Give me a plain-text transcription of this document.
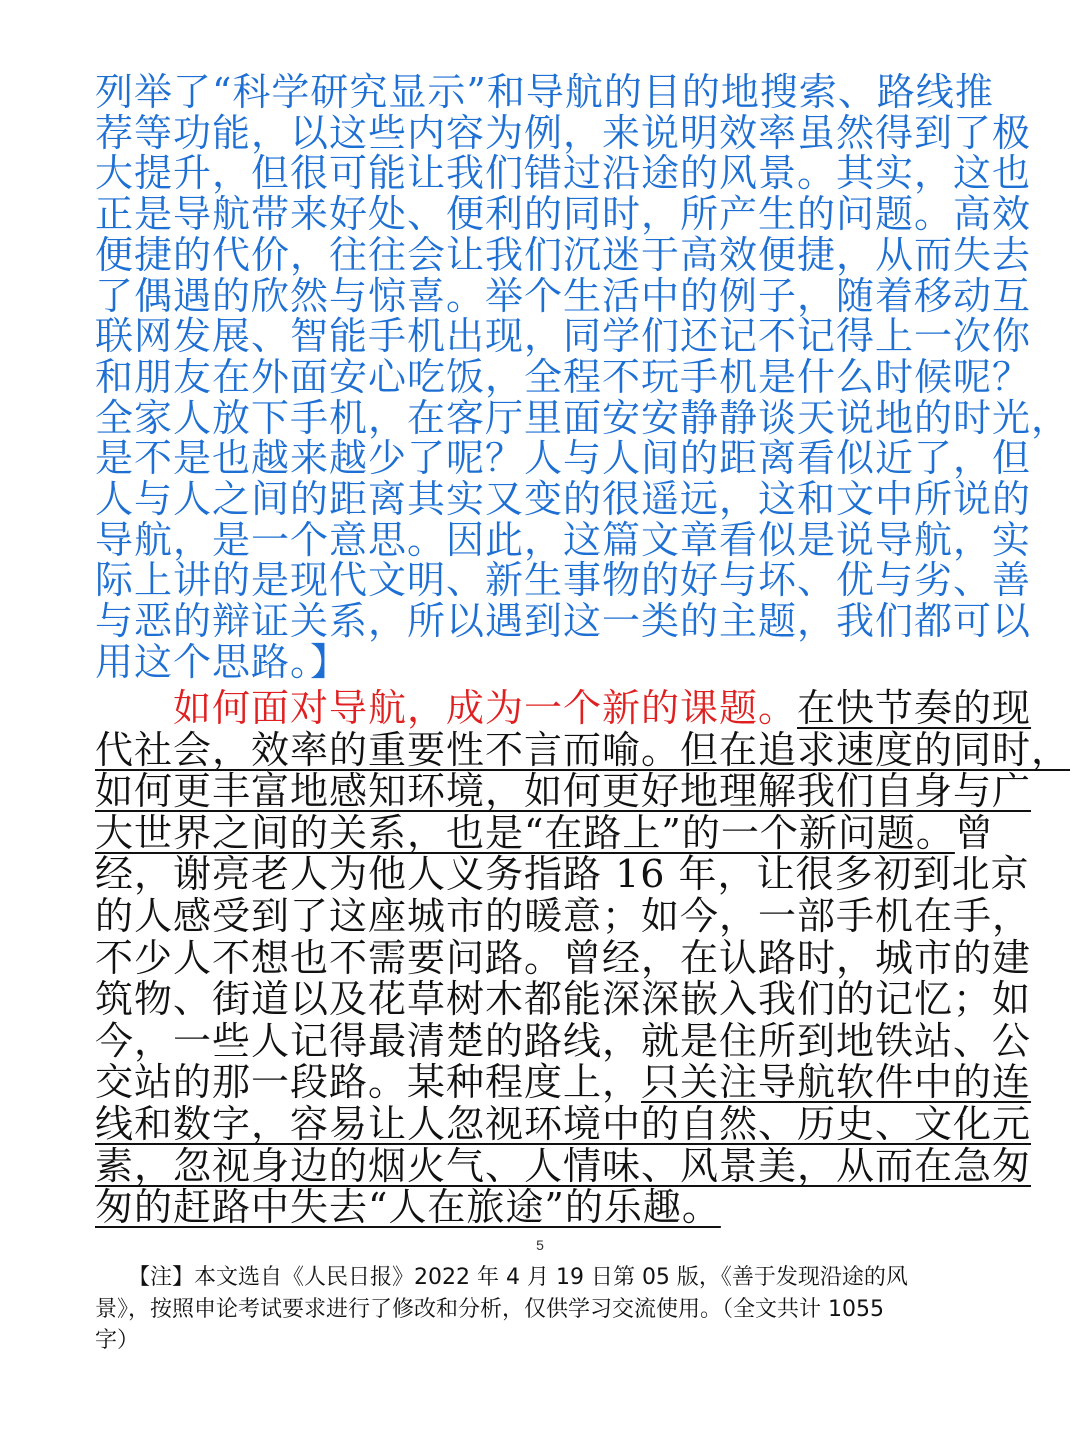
列举了“科学研究显示”和导航的目的地搜索、路线推
荐等功能，以这些内容为例，来说明效率虽然得到了极
大提升，但很可能让我们错过沿途的风景。其实，这也
正是导航带来好处、便利的同时，所产生的问题。高效
便捷的代价，往往会让我们沉迷于高效便捷，从而失去
了偶遇的欣然与惊喜。举个生活中的例子，随着移动互
联网发展、智能手机出现，同学们还记不记得上一次你
和朋友在外面安心吃饭，全程不玩手机是什么时候呢？
全家人放下手机，在客厅里面安安静静谈天说地的时光，
是不是也越来越少了呢？人与人间的距离看似近了，但
人与人之间的距离其实又变的很遥远，这和文中所说的
导航，是一个意思。因此，这篇文章看似是说导航，实
际上讲的是现代文明、新生事物的好与坏、优与劣、善
与恶的辩证关系，所以遇到这一类的主题，我们都可以
用这个思路。】
　　如何面对导航，成为一个新的课题。在快节奏的现
代社会，效率的重要性不言而喻。但在追求速度的同时，
如何更丰富地感知环境，如何更好地理解我们自身与广
大世界之间的关系，也是“在路上”的一个新问题。曾
经，谢亮老人为他人义务指路 16 年，让很多初到北京
的人感受到了这座城市的暖意；如今，一部手机在手，
不少人不想也不需要问路。曾经，在认路时，城市的建
筑物、街道以及花草树木都能深深嵌入我们的记忆；如
今，一些人记得最清楚的路线，就是住所到地铁站、公
交站的那一段路。某种程度上，只关注导航软件中的连
线和数字，容易让人忽视环境中的自然、历史、文化元
素，忽视身边的烟火气、人情味、风景美，从而在急匆
匆的赶路中失去“人在旅途”的乐趣。
5
　　【注】本文选自《人民日报》2022 年 4 月 19 日第 05 版，《善于发现沿途的风
景》，按照申论考试要求进行了修改和分析，仅供学习交流使用。（全文共计 1055
字）
